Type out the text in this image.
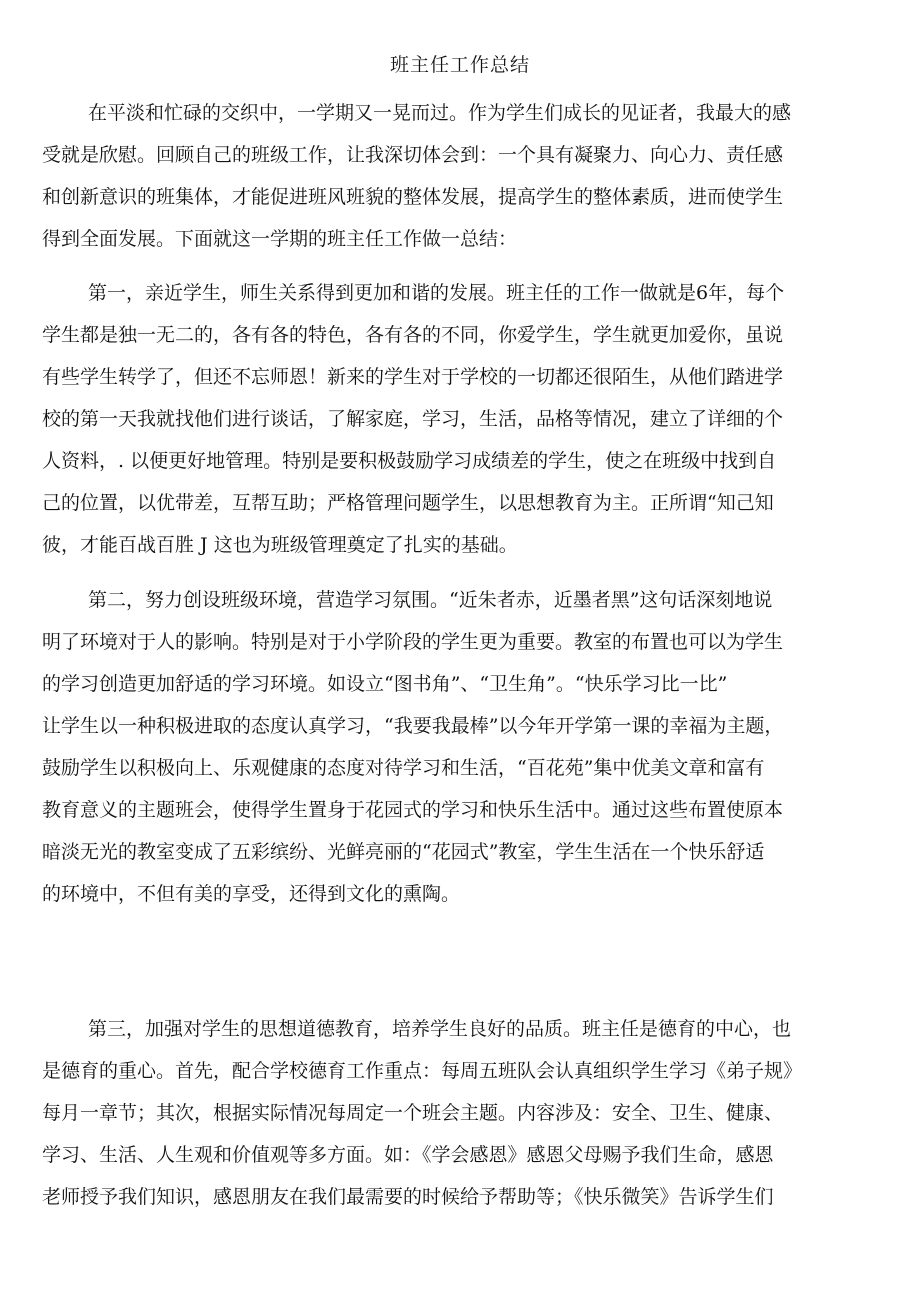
班主任工作总结
在平淡和忙碌的交织中，一学期又一晃而过。作为学生们成长的见证者，我最大的感
受就是欣慰。回顾自己的班级工作，让我深切体会到：一个具有凝聚力、向心力、责任感
和创新意识的班集体，才能促进班风班貌的整体发展，提高学生的整体素质，进而使学生
得到全面发展。下面就这一学期的班主任工作做一总结：
第一，亲近学生，师生关系得到更加和谐的发展。班主任的工作一做就是6年，每个
学生都是独一无二的，各有各的特色，各有各的不同，你爱学生，学生就更加爱你，虽说
有些学生转学了，但还不忘师恩！新来的学生对于学校的一切都还很陌生，从他们踏进学
校的第一天我就找他们进行谈话，了解家庭，学习，生活，品格等情况，建立了详细的个
人资料，. 以便更好地管理。特别是要积极鼓励学习成绩差的学生，使之在班级中找到自
己的位置，以优带差，互帮互助；严格管理问题学生，以思想教育为主。正所谓“知己知
彼，才能百战百胜 J 这也为班级管理奠定了扎实的基础。
第二，努力创设班级环境，营造学习氛围。“近朱者赤，近墨者黑”这句话深刻地说
明了环境对于人的影响。特别是对于小学阶段的学生更为重要。教室的布置也可以为学生
的学习创造更加舒适的学习环境。如设立“图书角”、“卫生角”。“快乐学习比一比”
让学生以一种积极进取的态度认真学习，“我要我最棒”以今年开学第一课的幸福为主题，
鼓励学生以积极向上、乐观健康的态度对待学习和生活，“百花苑”集中优美文章和富有
教育意义的主题班会，使得学生置身于花园式的学习和快乐生活中。通过这些布置使原本
暗淡无光的教室变成了五彩缤纷、光鲜亮丽的“花园式”教室，学生生活在一个快乐舒适
的环境中，不但有美的享受，还得到文化的熏陶。
第三，加强对学生的思想道德教育，培养学生良好的品质。班主任是德育的中心，也
是德育的重心。首先，配合学校德育工作重点：每周五班队会认真组织学生学习《弟子规》
每月一章节；其次，根据实际情况每周定一个班会主题。内容涉及：安全、卫生、健康、
学习、生活、人生观和价值观等多方面。如：《学会感恩》感恩父母赐予我们生命，感恩
老师授予我们知识，感恩朋友在我们最需要的时候给予帮助等；《快乐微笑》告诉学生们
